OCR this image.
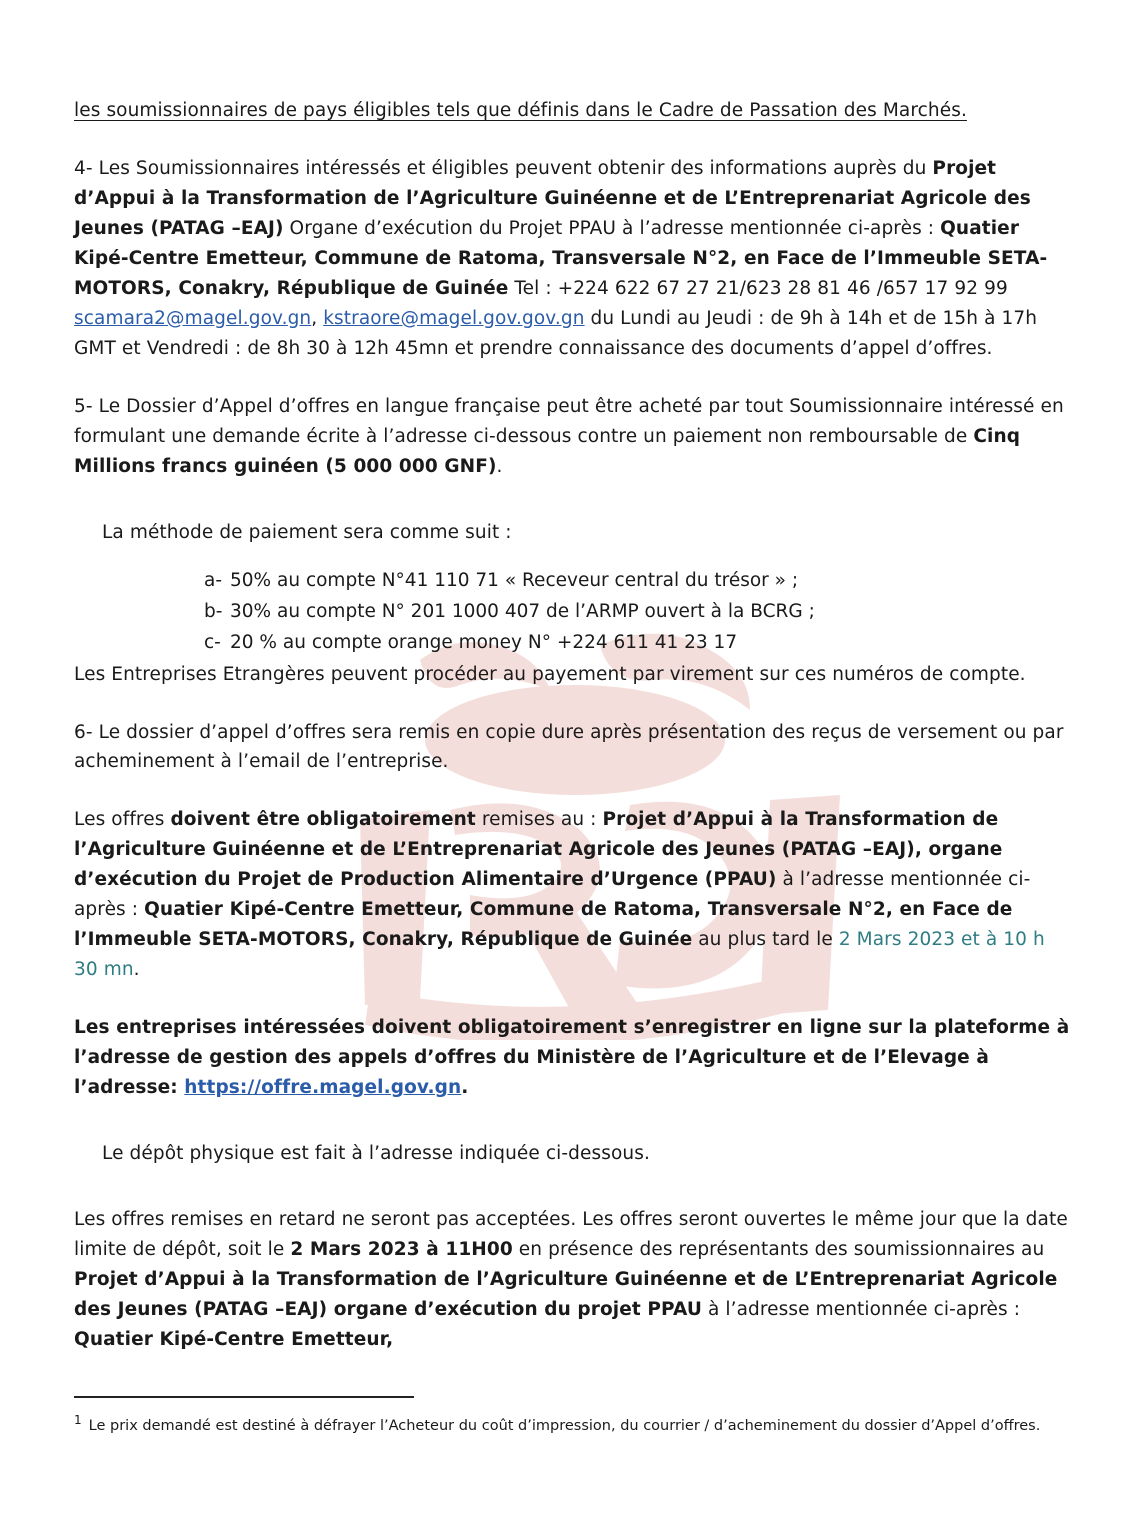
les soumissionnaires de pays éligibles tels que définis dans le Cadre de Passation des Marchés.

4- Les Soumissionnaires intéressés et éligibles peuvent obtenir des informations auprès du Projet d’Appui à la Transformation de l’Agriculture Guinéenne et de L’Entreprenariat Agricole des Jeunes (PATAG –EAJ) Organe d’exécution du Projet PPAU à l’adresse mentionnée ci-après : Quatier Kipé-Centre Emetteur, Commune de Ratoma, Transversale N°2, en Face de l’Immeuble SETA-MOTORS, Conakry, République de Guinée Tel : +224 622 67 27 21/623 28 81 46 /657 17 92 99 scamara2@magel.gov.gn, kstraore@magel.gov.gov.gn du Lundi au Jeudi : de 9h à 14h et de 15h à 17h GMT et Vendredi : de 8h 30 à 12h 45mn et prendre connaissance des documents d’appel d’offres.

5- Le Dossier d’Appel d’offres en langue française peut être acheté par tout Soumissionnaire intéressé en formulant une demande écrite à l’adresse ci-dessous contre un paiement non remboursable de Cinq Millions francs guinéen (5 000 000 GNF).

La méthode de paiement sera comme suit :

a- 50% au compte N°41 110 71 « Receveur central du trésor » ;
b- 30% au compte N° 201 1000 407 de l’ARMP ouvert à la BCRG ;
c- 20 % au compte orange money N° +224 611 41 23 17

Les Entreprises Etrangères peuvent procéder au payement par virement sur ces numéros de compte.

6- Le dossier d’appel d’offres sera remis en copie dure après présentation des reçus de versement ou par acheminement à l’email de l’entreprise.

Les offres doivent être obligatoirement remises au : Projet d’Appui à la Transformation de l’Agriculture Guinéenne et de L’Entreprenariat Agricole des Jeunes (PATAG –EAJ), organe d’exécution du Projet de Production Alimentaire d’Urgence (PPAU) à l’adresse mentionnée ci-après : Quatier Kipé-Centre Emetteur, Commune de Ratoma, Transversale N°2, en Face de l’Immeuble SETA-MOTORS, Conakry, République de Guinée au plus tard le 2 Mars 2023 et à 10 h 30 mn.

Les entreprises intéressées doivent obligatoirement s’enregistrer en ligne sur la plateforme à l’adresse de gestion des appels d’offres du Ministère de l’Agriculture et de l’Elevage à l’adresse: https://offre.magel.gov.gn.

Le dépôt physique est fait à l’adresse indiquée ci-dessous.

Les offres remises en retard ne seront pas acceptées. Les offres seront ouvertes le même jour que la date limite de dépôt, soit le 2 Mars 2023 à 11H00 en présence des représentants des soumissionnaires au Projet d’Appui à la Transformation de l’Agriculture Guinéenne et de L’Entreprenariat Agricole des Jeunes (PATAG –EAJ) organe d’exécution du projet PPAU à l’adresse mentionnée ci-après : Quatier Kipé-Centre Emetteur,

$^1$ Le prix demandé est destiné à défrayer l’Acheteur du coût d’impression, du courrier / d’acheminement du dossier d’Appel d’offres.
